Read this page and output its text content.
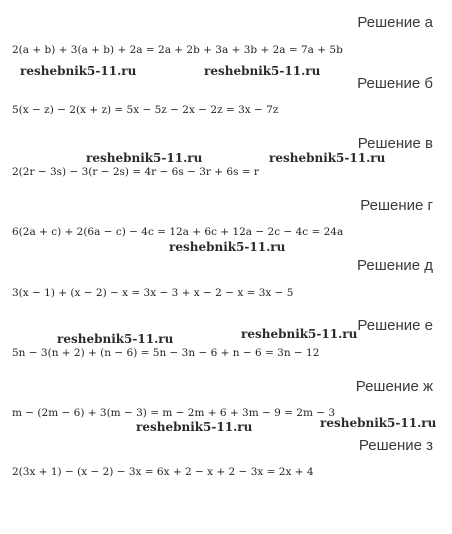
Решение а
2(a + b) + 3(a + b) + 2a = 2a + 2b + 3a + 3b + 2a = 7a + 5b
reshebnik5-11.ru	reshebnik5-11.ru
Решение б
5(x − z) − 2(x + z) = 5x − 5z − 2x − 2z = 3x − 7z
Решение в
reshebnik5-11.ru	reshebnik5-11.ru
2(2r − 3s) − 3(r − 2s) = 4r − 6s − 3r + 6s = r
Решение г
6(2a + c) + 2(6a − c) − 4c = 12a + 6c + 12a − 2c − 4c = 24a
reshebnik5-11.ru
Решение д
3(x − 1) + (x − 2) − x = 3x − 3 + x − 2 − x = 3x − 5
Решение е
reshebnik5-11.ru
reshebnik5-11.ru
5n − 3(n + 2) + (n − 6) = 5n − 3n − 6 + n − 6 = 3n − 12
Решение ж
m − (2m − 6) + 3(m − 3) = m − 2m + 6 + 3m − 9 = 2m − 3
reshebnik5-11.ru
reshebnik5-11.ru
Решение з
2(3x + 1) − (x − 2) − 3x = 6x + 2 − x + 2 − 3x = 2x + 4
